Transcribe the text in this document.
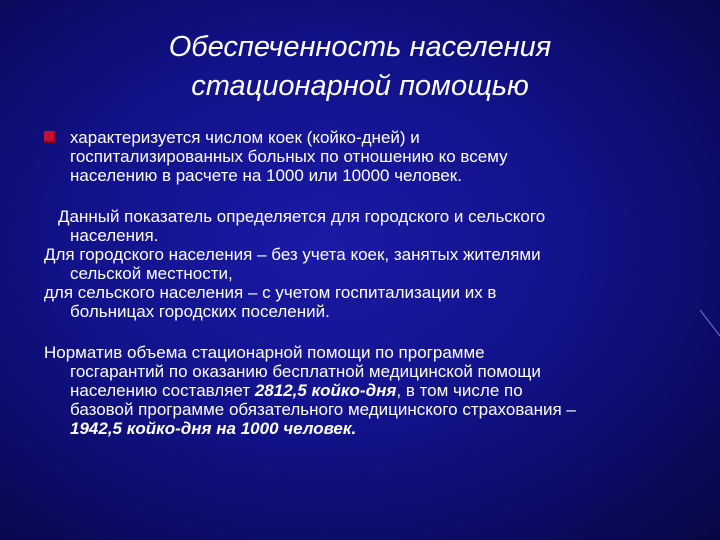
Обеспеченность населения
стационарной помощью
характеризуется числом коек (койко-дней) и
госпитализированных больных по отношению ко всему
населению в расчете на 1000 или 10000 человек.
Данный показатель определяется для городского и сельского
населения.
Для городского населения – без учета коек, занятых жителями
сельской местности,
для сельского населения – с учетом госпитализации их в
больницах городских поселений.
Норматив объема стационарной помощи по программе
госгарантий по оказанию бесплатной медицинской помощи
населению составляет 2812,5 койко-дня, в том числе по
базовой программе обязательного медицинского страхования –
1942,5 койко-дня на 1000 человек.
